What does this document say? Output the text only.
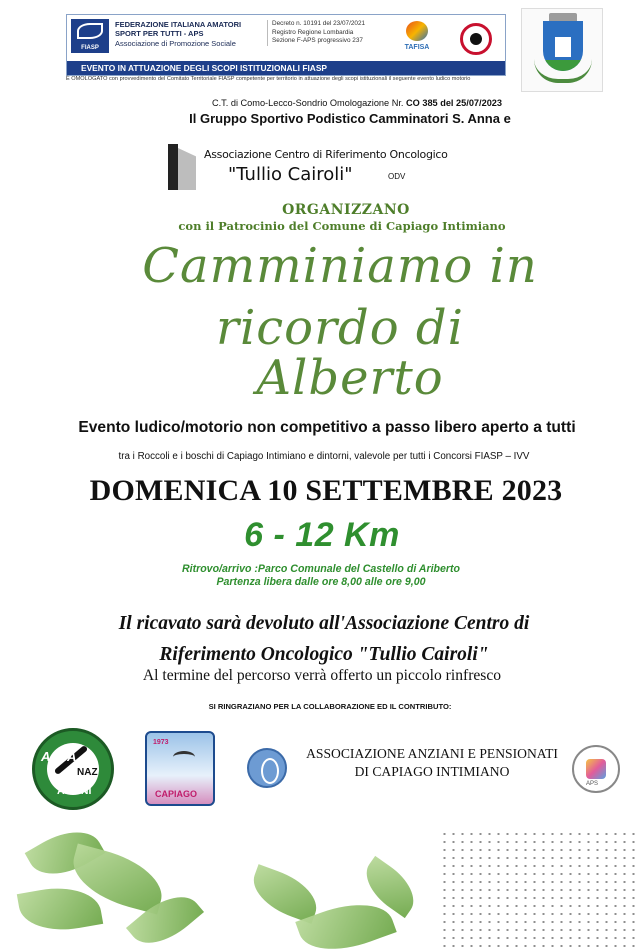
FIASP
FEDERAZIONE ITALIANA AMATORI
SPORT PER TUTTI - APS
Associazione di Promozione Sociale
Decreto n. 10191 del 23/07/2021
Registro Regione Lombardia
Sezione F-APS progressivo 237
TAFISA
EVENTO IN ATTUAZIONE DEGLI SCOPI ISTITUZIONALI FIASP
È OMOLOGATO con provvedimento del Comitato Territoriale FIASP competente per territorio in attuazione degli scopi istituzionali il seguente evento ludico motorio
C.T. di Como-Lecco-Sondrio Omologazione Nr. CO 385 del 25/07/2023
Il Gruppo Sportivo Podistico Camminatori S. Anna e
Associazione Centro di Riferimento Oncologico
"Tullio Cairoli"	ODV
ORGANIZZANO
con il Patrocinio del Comune di Capiago Intimiano
Camminiamo in
ricordo di
Alberto
Evento ludico/motorio non competitivo a passo libero aperto a tutti
tra i Roccoli e i boschi di Capiago Intimiano e dintorni, valevole per tutti i Concorsi FIASP – IVV
DOMENICA 10 SETTEMBRE 2023
6 - 12 Km
Ritrovo/arrivo :Parco Comunale del Castello di Ariberto
Partenza libera dalle ore 8,00 alle ore 9,00
Il ricavato sarà devoluto all'Associazione Centro di
Riferimento Oncologico "Tullio Cairoli"
Al termine del percorso verrà offerto un piccolo rinfresco
SI RINGRAZIANO PER LA COLLABORAZIONE ED IL CONTRIBUTO:
A.N.A.
NAZ
ALPINI
1973
CAPIAGO
ASSOCIAZIONE ANZIANI E PENSIONATI
DI CAPIAGO INTIMIANO
APS
